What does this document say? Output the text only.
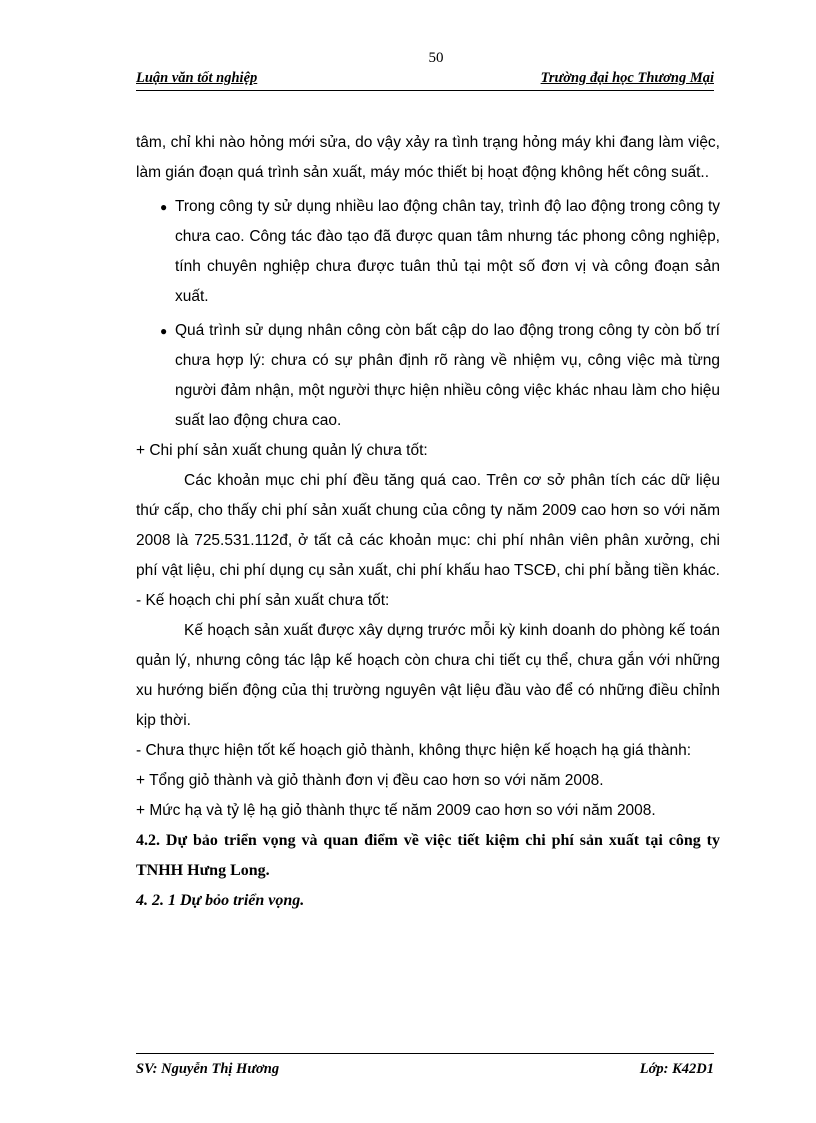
50
Luận văn tốt nghiệp	Trường đại học Thương Mại

tâm, chỉ khi nào hỏng mới sửa, do vậy xảy ra tình trạng hỏng máy khi đang làm việc, làm gián đoạn quá trình sản xuất, máy móc thiết bị hoạt động không hết công suất..

● Trong công ty sử dụng nhiều lao động chân tay, trình độ lao động trong công ty chưa cao. Công tác đào tạo đã được quan tâm nhưng tác phong công nghiệp, tính chuyên nghiệp chưa được tuân thủ tại một số đơn vị và công đoạn sản xuất.

● Quá trình sử dụng nhân công còn bất cập do lao động trong công ty còn bố trí chưa hợp lý: chưa có sự phân định rõ ràng về nhiệm vụ, công việc mà từng người đảm nhận, một người thực hiện nhiều công việc khác nhau làm cho hiệu suất lao động chưa cao.

+ Chi phí sản xuất chung quản lý chưa tốt:

Các khoản mục chi phí đều tăng quá cao. Trên cơ sở phân tích các dữ liệu thứ cấp, cho thấy chi phí sản xuất chung của công ty năm 2009 cao hơn so với năm 2008 là 725.531.112đ, ở tất cả các khoản mục: chi phí nhân viên phân xưởng, chi phí vật liệu, chi phí dụng cụ sản xuất, chi phí khấu hao TSCĐ, chi phí bằng tiền khác.

- Kế hoạch chi phí sản xuất chưa tốt:

Kế hoạch sản xuất được xây dựng trước mỗi kỳ kinh doanh do phòng kế toán quản lý, nhưng công tác lập kế hoạch còn chưa chi tiết cụ thể, chưa gắn với những xu hướng biến động của thị trường nguyên vật liệu đầu vào để có những điều chỉnh kịp thời.

- Chưa thực hiện tốt kế hoạch giỏ thành, không thực hiện kế hoạch hạ giá thành:

+ Tổng giỏ thành và giỏ thành đơn vị đều cao hơn so với năm 2008.

+ Mức hạ và tỷ lệ hạ giỏ thành thực tế năm 2009 cao hơn so với năm 2008.

4.2. Dự bảo triển vọng và quan điểm về việc tiết kiệm chi phí sản xuất tại công ty TNHH Hưng Long.

4. 2. 1 Dự bỏo triển vọng.

SV: Nguyễn Thị Hương	Lớp: K42D1
